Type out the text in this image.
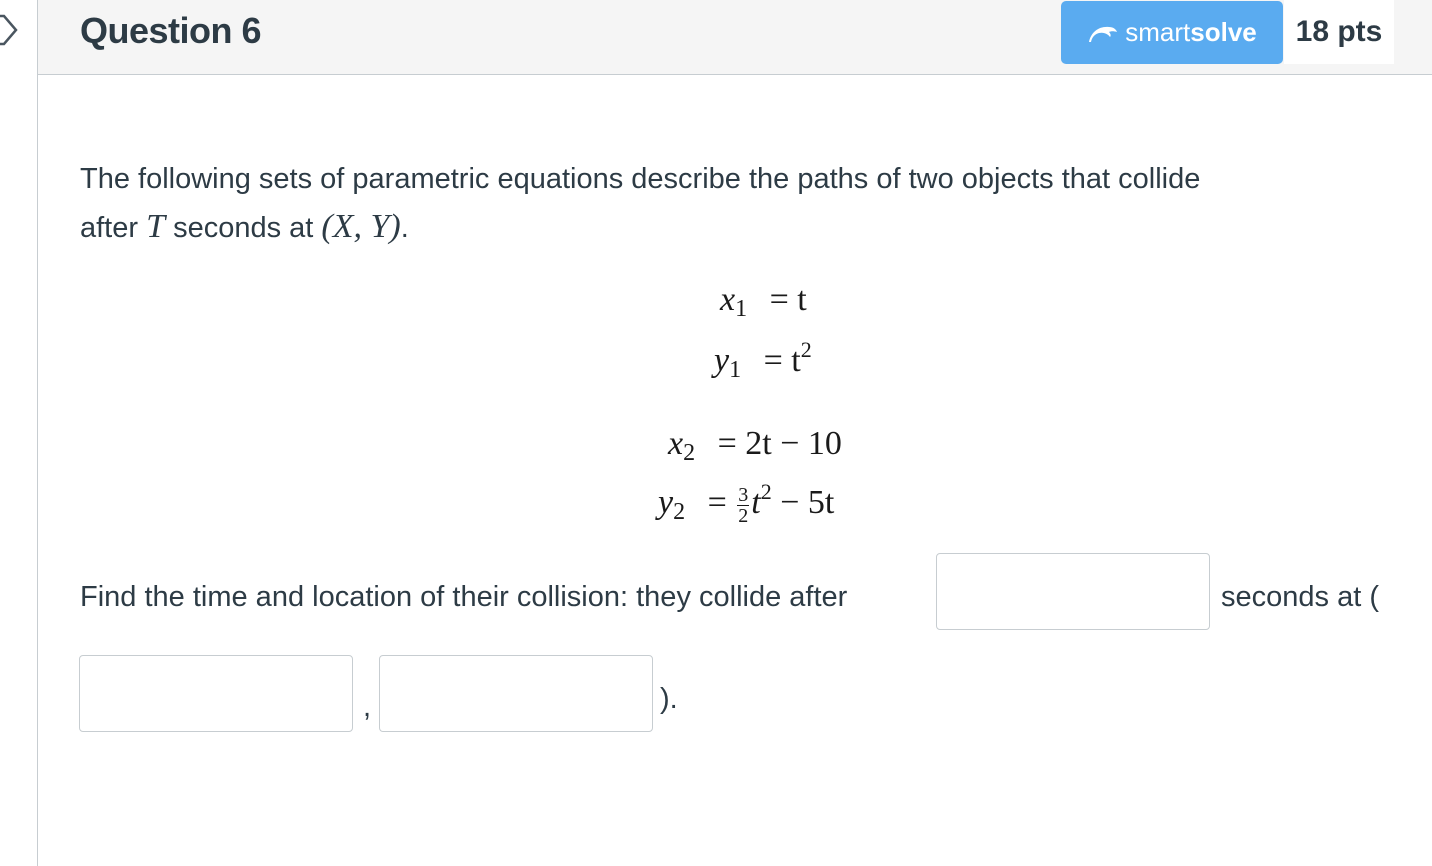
Question 6	smart solve	18 pts
The following sets of parametric equations describe the paths of two objects that collide
after T seconds at (X, Y).
$x_1 = t$
$y_1 = t^2$
$x_2 = 2t - 10$
$y_2 = \frac{3}{2} t^2 - 5t$
Find the time and location of their collision: they collide after	seconds at (
,	).
